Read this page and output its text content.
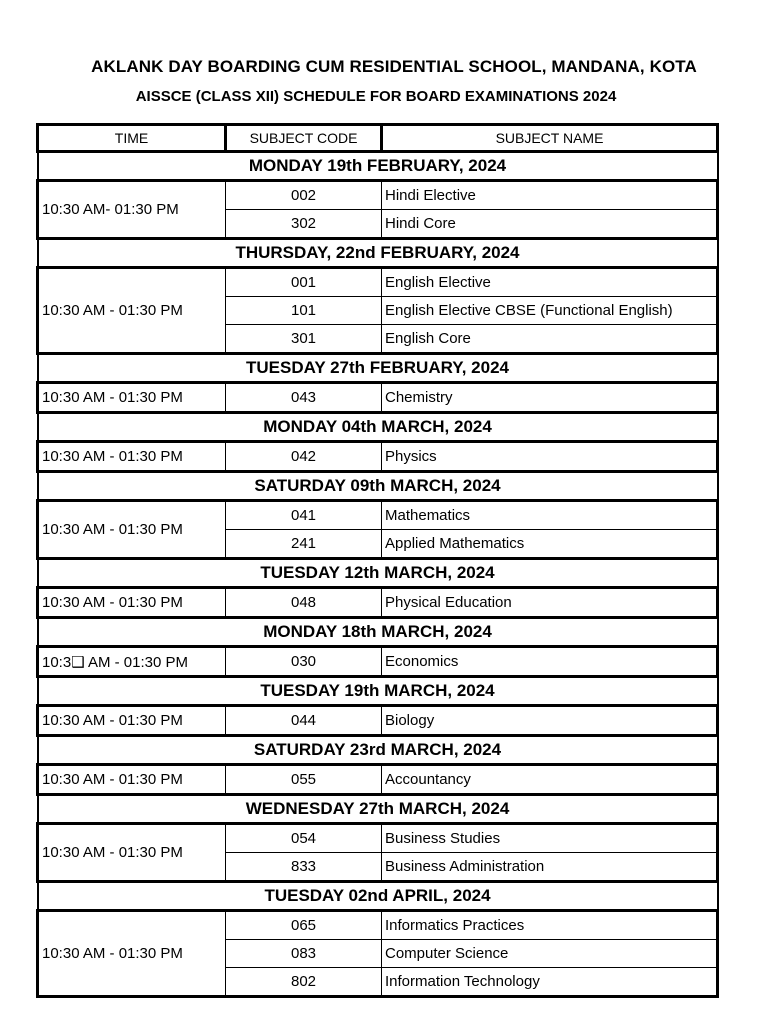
AKLANK DAY BOARDING CUM RESIDENTIAL SCHOOL, MANDANA, KOTA
AISSCE (CLASS XII) SCHEDULE FOR BOARD EXAMINATIONS 2024
TIME	SUBJECT CODE	SUBJECT NAME
MONDAY 19th FEBRUARY, 2024		
10:30 AM- 01:30 PM	002	Hindi Elective
	302	Hindi Core
THURSDAY, 22nd FEBRUARY, 2024		
10:30 AM - 01:30 PM	001	English Elective
	101	English Elective CBSE (Functional English)
	301	English Core
TUESDAY 27th FEBRUARY, 2024		
10:30 AM - 01:30 PM	043	Chemistry
MONDAY 04th MARCH, 2024		
10:30 AM - 01:30 PM	042	Physics
SATURDAY 09th MARCH, 2024		
10:30 AM - 01:30 PM	041	Mathematics
	241	Applied Mathematics
TUESDAY 12th MARCH, 2024		
10:30 AM - 01:30 PM	048	Physical Education
MONDAY 18th MARCH, 2024		
10:3❑ AM - 01:30 PM	030	Economics
TUESDAY 19th MARCH, 2024		
10:30 AM - 01:30 PM	044	Biology
SATURDAY 23rd MARCH, 2024		
10:30 AM - 01:30 PM	055	Accountancy
WEDNESDAY 27th MARCH, 2024		
10:30 AM - 01:30 PM	054	Business Studies
	833	Business Administration
TUESDAY 02nd APRIL, 2024		
10:30 AM - 01:30 PM	065	Informatics Practices
	083	Computer Science
	802	Information Technology
